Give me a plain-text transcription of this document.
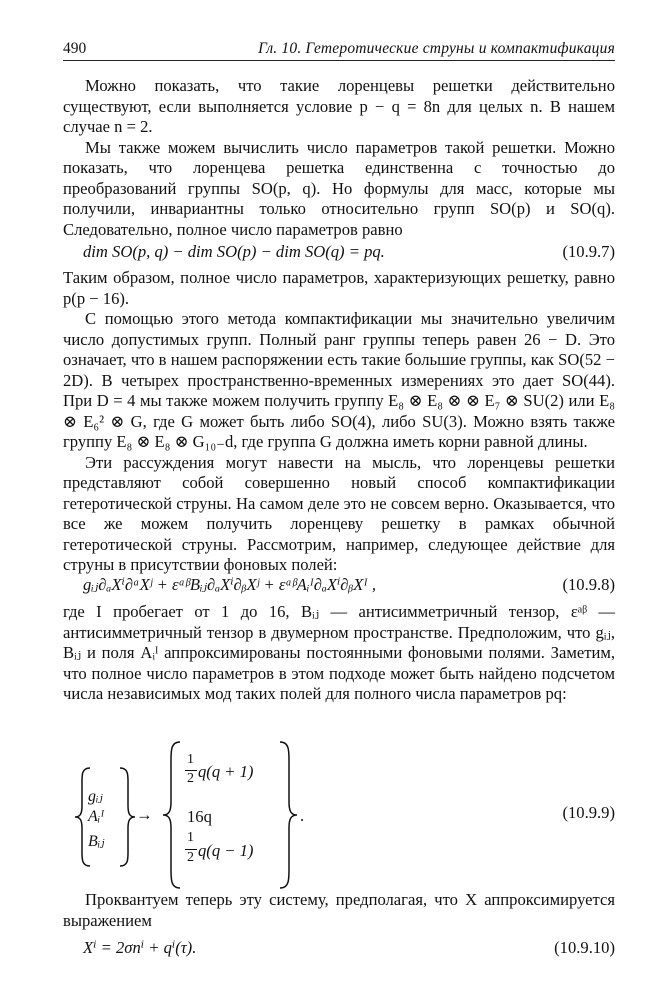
490	Гл. 10. Гетеротические струны и компактификация

Можно показать, что такие лоренцевы решетки действительно существуют, если выполняется условие p − q = 8n для целых n. В нашем случае n = 2.

Мы также можем вычислить число параметров такой решетки. Можно показать, что лоренцева решетка единственна с точностью до преобразований группы SO(p, q). Но формулы для масс, которые мы получили, инвариантны только относительно групп SO(p) и SO(q). Следовательно, полное число параметров равно

dim SO(p, q) − dim SO(p) − dim SO(q) = pq.	(10.9.7)

Таким образом, полное число параметров, характеризующих решетку, равно p(p − 16).

С помощью этого метода компактификации мы значительно увеличим число допустимых групп. Полный ранг группы теперь равен 26 − D. Это означает, что в нашем распоряжении есть такие большие группы, как SO(52 − 2D). В четырех пространственно-временных измерениях это дает SO(44). При D = 4 мы также можем получить группу E₈ ⊗ E₈ ⊗ ⊗ E₇ ⊗ SU(2) или E₈ ⊗ E₆² ⊗ G, где G может быть либо SO(4), либо SU(3). Можно взять также группу E₈ ⊗ E₈ ⊗ G₁₀₋d, где группа G должна иметь корни равной длины.

Эти рассуждения могут навести на мысль, что лоренцевы решетки представляют собой совершенно новый способ компактификации гетеротической струны. На самом деле это не совсем верно. Оказывается, что все же можем получить лоренцеву решетку в рамках обычной гетеротической струны. Рассмотрим, например, следующее действие для струны в присутствии фоновых полей:

gᵢⱼ∂ₐXⁱ∂ᵃXʲ + εᵃᵝBᵢⱼ∂ₐXⁱ∂ᵦXʲ + εᵃᵝAᵢᴵ∂ₐXⁱ∂ᵦXᴵ ,	(10.9.8)

где I пробегает от 1 до 16, Bᵢⱼ — антисимметричный тензор, εᵃᵝ — антисимметричный тензор в двумерном пространстве. Предположим, что gᵢⱼ, Bᵢⱼ и поля Aᵢᴵ аппроксимированы постоянными фоновыми полями. Заметим, что полное число параметров в этом подходе может быть найдено подсчетом числа независимых мод таких полей для полного числа параметров pq:

gᵢⱼ
Aᵢᴵ
Bᵢⱼ
→
1
2 q(q + 1)
16q
1
2 q(q − 1)
.	(10.9.9)

Проквантуем теперь эту систему, предполагая, что X аппроксимируется выражением

Xⁱ = 2σnⁱ + qⁱ(τ).	(10.9.10)
